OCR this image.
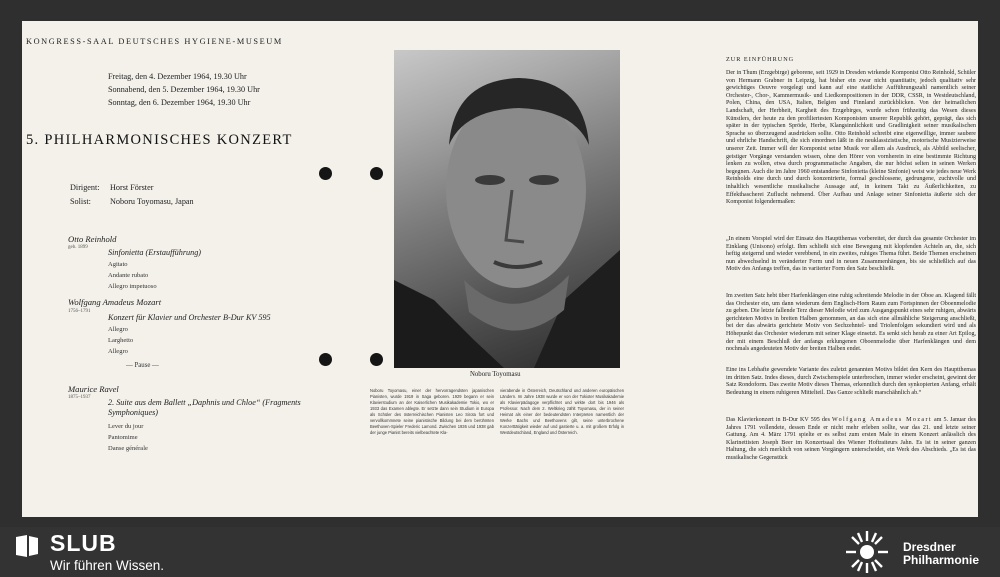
KONGRESS-SAAL DEUTSCHES HYGIENE-MUSEUM
Freitag, den 4. Dezember 1964, 19.30 Uhr
Sonnabend, den 5. Dezember 1964, 19.30 Uhr
Sonntag, den 6. Dezember 1964, 19.30 Uhr
5. PHILHARMONISCHES KONZERT
Dirigent: Horst Förster
Solist: Noboru Toyomasu, Japan
Otto Reinhold
geb. 1899
Sinfonietta (Erstaufführung)
Agitato
Andante rubato
Allegro impetuoso
Wolfgang Amadeus Mozart
1756–1791
Konzert für Klavier und Orchester B-Dur KV 595
Allegro
Larghetto
Allegro
— Pause —
Maurice Ravel
1875–1937
2. Suite aus dem Ballett „Daphnis und Chloe“ (Fragments Symphoniques)
Lever du jour
Pantomime
Danse générale
Noboru Toyomasu
Noboru Toyomasu, einer der hervorragendsten japanischen Pianisten, wurde 1919 in Saga geboren. 1929 begann er sein Klavierstudium an der Kaiserlichen Musikakademie Tokio, wo er 1933 das Examen ablegte. Er setzte dann sein Studium in Europa als Schüler des österreichischen Pianisten Leo Sirota fort und vervollkommnete seine pianistische Bildung bei dem berühmten Beethoven-Spieler Frederic Lamond. Zwischen 1936 und 1938 gab der junge Pianist bereits vielbeachtete Kla-
vierabende in Österreich, Deutschland und anderen europäischen Ländern. Im Jahre 1938 wurde er von der Tokioter Musikakademie als Klavierpädagoge verpflichtet und wirkte dort bis 1946 als Professor. Nach dem 2. Weltkrieg zählt Toyomasu, der in seiner Heimat als einer der bedeutendsten Interpreten namentlich der Werke Bachs und Beethovens gilt, seine unterbrochene Konzerttätigkeit wieder auf und gastierte u. a. mit großem Erfolg in Westdeutschland, England und Österreich.
ZUR EINFÜHRUNG
Der in Thum (Erzgebirge) geborene, seit 1929 in Dresden wirkende Komponist Otto Reinhold, Schüler von Hermann Grabner in Leipzig, hat bisher ein zwar nicht quantitativ, jedoch qualitativ sehr gewichtiges Oeuvre vorgelegt und kann auf eine stattliche Aufführungszahl namentlich seiner Orchester-, Chor-, Kammermusik- und Liedkompositionen in der DDR, CSSR, in Westdeutschland, Polen, China, den USA, Italien, Belgien und Finnland zurückblicken. Von der heimatlichen Landschaft, der Herbheit, Kargheit des Erzgebirges, wurde schon frühzeitig das Wesen dieses Künstlers, der heute zu den profiliertesten Komponisten unserer Republik gehört, geprägt, das sich später in der typischen Spröde, Herbe, Klangsinnlichkeit und Gradlinigkeit seiner musikalischen Sprache so überzeugend ausdrücken sollte. Otto Reinhold schreibt eine eigenwillige, immer saubere und ehrliche Handschrift, die sich einordnen läßt in die neuklassizistische, motorische Musizierweise unserer Zeit. Immer will der Komponist seine Musik vor allem als Ausdruck, als Abbild seelischer, geistiger Vorgänge verstanden wissen, ohne den Hörer von vornherein in eine bestimmte Richtung lenken zu wollen, etwa durch programmatische Angaben, die nur höchst selten in seinen Werken begegnen. Auch die im Jahre 1960 entstandene Sinfonietta (kleine Sinfonie) weist wie jedes neue Werk Reinholds eine durch und durch konzentrierte, formal geschlossene, gedrungene, zuchtvolle und inhaltlich wesentliche musikalische Aussage auf, in keinem Takt zu Äußerlichkeiten, zu Effekthascherei Zuflucht nehmend. Über Aufbau und Anlage seiner Sinfonietta äußerte sich der Komponist folgendermaßen:
„In einem Vorspiel wird der Einsatz des Hauptthemas vorbereitet, der durch das gesamte Orchester im Einklang (Unisono) erfolgt. Ihm schließt sich eine Bewegung mit klopfenden Achteln an, die, sich heftig steigernd und wieder verebbend, in ein zweites, ruhiges Thema führt. Beide Themen erscheinen nun abwechselnd in veränderter Form und in neuen Zusammenhängen, bis sie schließlich auf das Motiv des Anfangs treffen, das in variierter Form den Satz beschließt.
Im zweiten Satz hebt über Harfenklängen eine ruhig schreitende Melodie in der Oboe an. Klagend fällt das Orchester ein, um dann wiederum dem Englisch-Horn Raum zum Fortspinnen der Oboenmelodie zu geben. Die letzte fallende Terz dieser Melodie wird zum Ausgangspunkt eines sehr ruhigen, abwärts gerichteten Motivs in breiten Halben genommen, an das sich eine allmähliche Steigerung anschließt, bei der das abwärts gerichtete Motiv von Sechzehntel- und Triolenfolgen sekundiert wird und als Höhepunkt das Orchester wiederum mit seiner Klage einsetzt. Es senkt sich herab zu einer Art Epilog, der mit einem Beschluß der anfangs erklungenen Oboenmelodie über Harfenklängen und dem nochmals angedeuteten Motiv der breiten Halben endet.
Eine ins Lebhafte gewendete Variante des zuletzt genannten Motivs bildet den Kern des Hauptthemas im dritten Satz. Indes dieses, durch Zwischenspiele unterbrochen, immer wieder erscheint, gewinnt der Satz Rondoform. Das zweite Motiv dieses Themas, erkenntlich durch den synkopierten Anfang, erhält Bedeutung in einem ruhigeren Mittelteil. Das Ganze schließt marschähnlich ab.“
Das Klavierkonzert in B-Dur KV 595 des Wolfgang Amadeus Mozart am 5. Januar des Jahres 1791 vollendete, dessen Ende er nicht mehr erleben sollte, war das 21. und letzte seiner Gattung. Am 4. März 1791 spielte er es selbst zum ersten Male in einem Konzert anlässlich des Klarinettisten Joseph Beer im Konzertsaal des Wiener Hoftraiteurs Jahn. Es ist in seiner ganzen Haltung, die sich merklich von seinen Vorgängern unterscheidet, ein Werk des Abschieds. „Es ist das musikalische Gegenstück
SLUB
Wir führen Wissen.
Dresdner
Philharmonie
